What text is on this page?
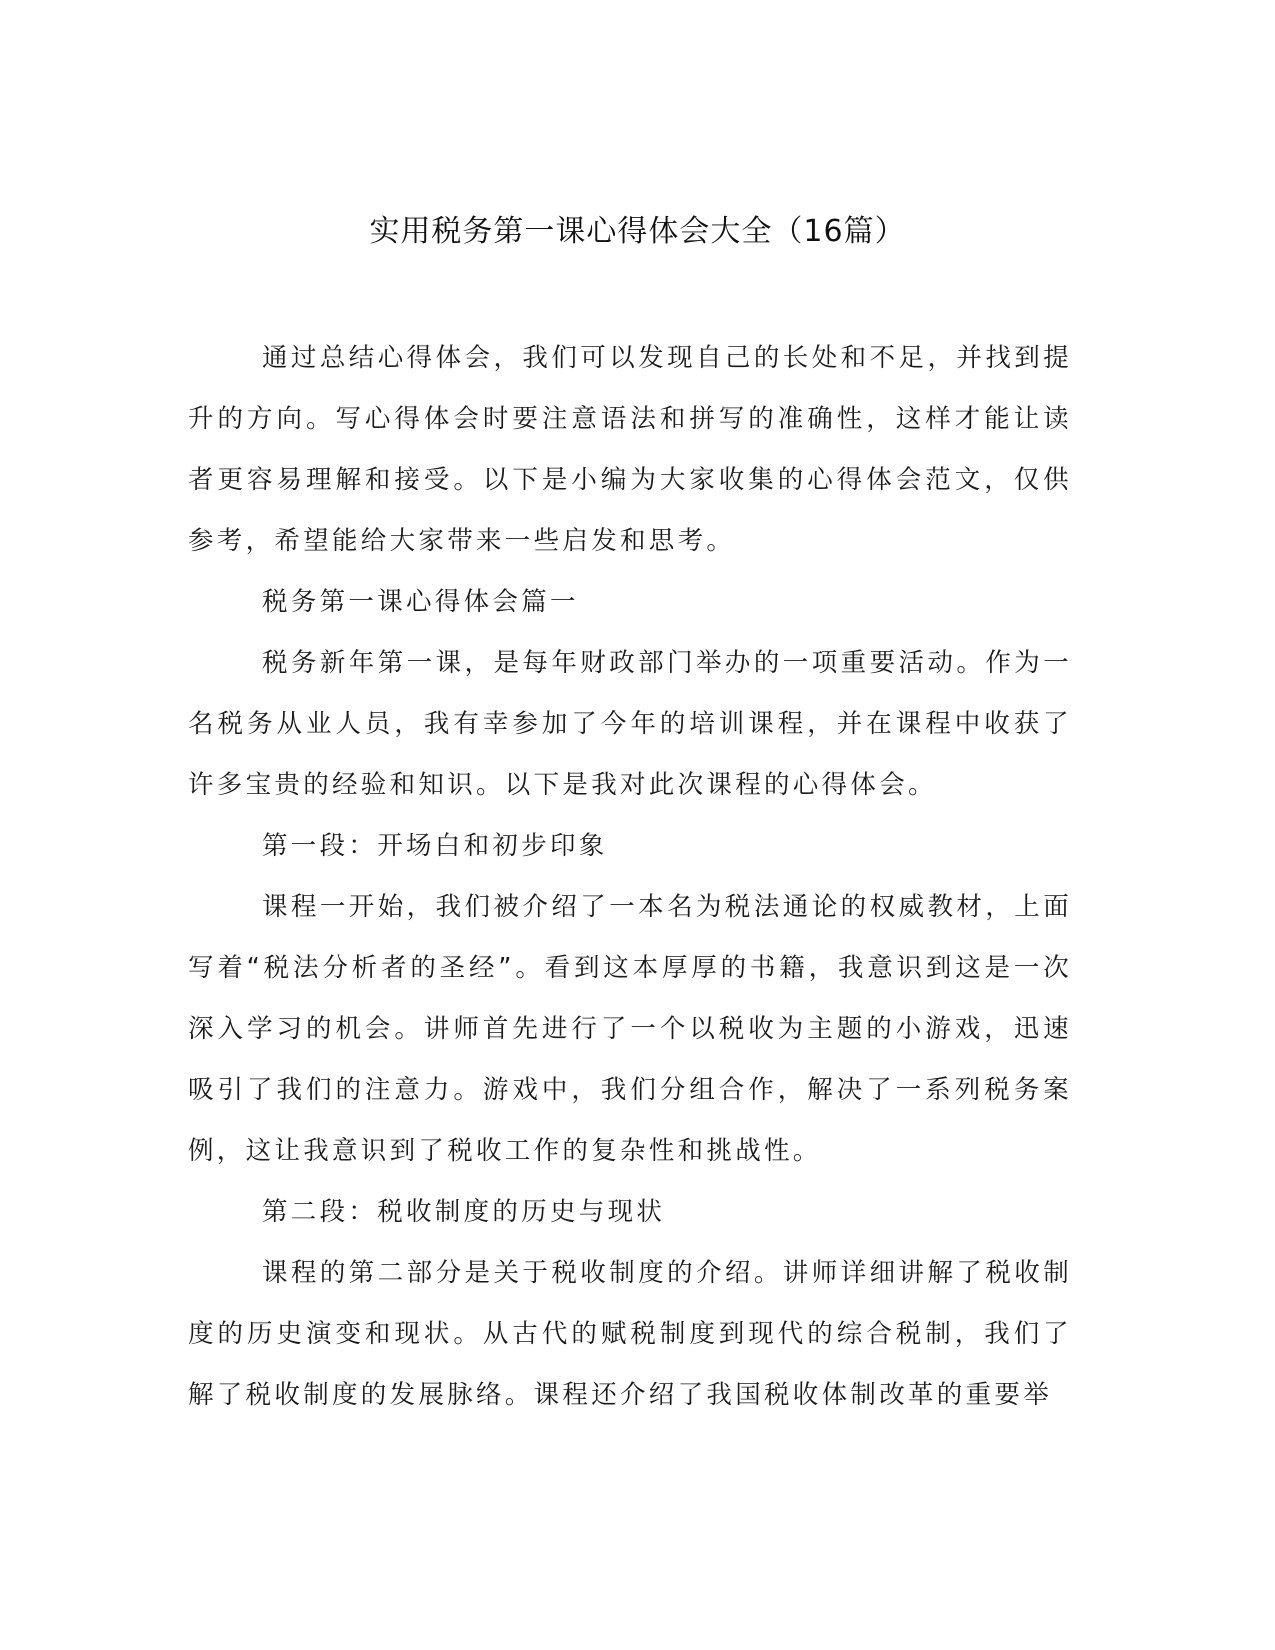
实用税务第一课心得体会大全（16篇）

通过总结心得体会，我们可以发现自己的长处和不足，并找到提升的方向。写心得体会时要注意语法和拼写的准确性，这样才能让读者更容易理解和接受。以下是小编为大家收集的心得体会范文，仅供参考，希望能给大家带来一些启发和思考。

税务第一课心得体会篇一

税务新年第一课，是每年财政部门举办的一项重要活动。作为一名税务从业人员，我有幸参加了今年的培训课程，并在课程中收获了许多宝贵的经验和知识。以下是我对此次课程的心得体会。

第一段：开场白和初步印象

课程一开始，我们被介绍了一本名为税法通论的权威教材，上面写着“税法分析者的圣经”。看到这本厚厚的书籍，我意识到这是一次深入学习的机会。讲师首先进行了一个以税收为主题的小游戏，迅速吸引了我们的注意力。游戏中，我们分组合作，解决了一系列税务案例，这让我意识到了税收工作的复杂性和挑战性。

第二段：税收制度的历史与现状

课程的第二部分是关于税收制度的介绍。讲师详细讲解了税收制度的历史演变和现状。从古代的赋税制度到现代的综合税制，我们了解了税收制度的发展脉络。课程还介绍了我国税收体制改革的重要举
